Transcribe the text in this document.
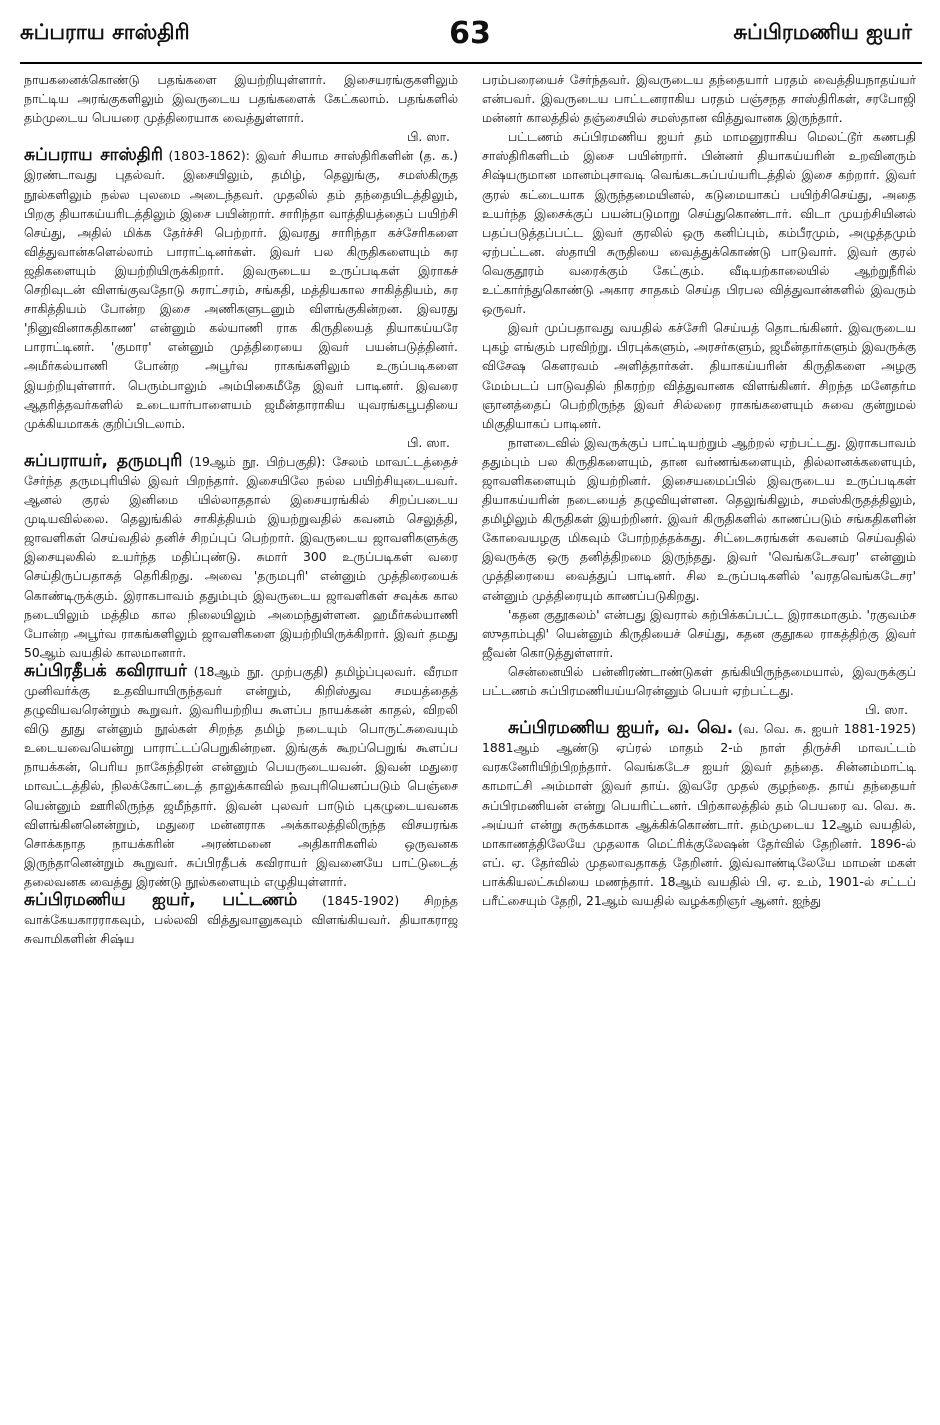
சுப்பராய சாஸ்திரி	63	சுப்பிரமணிய ஐயர்

நாயகனைக்கொண்டு பதங்களை இயற்றியுள்ளார். இசையரங்குகளிலும் நாட்டிய அரங்குகளிலும் இவருடைய பதங்களைக் கேட்கலாம். பதங்களில் தம்முடைய பெயரை முத்திரையாக வைத்துள்ளார்.
பி. ஸா.

சுப்பராய சாஸ்திரி (1803-1862): இவர் சியாம சாஸ்திரிகளின் (த. க.) இரண்டாவது புதல்வர். இசையிலும், தமிழ், தெலுங்கு, சமஸ்கிருத நூல்களிலும் நல்ல புலமை அடைந்தவர். முதலில் தம் தந்தையிடத்திலும், பிறகு தியாகய்யரிடத்திலும் இசை பயின்றார். சாரிந்தா வாத்தியத்தைப் பயிற்சி செய்து, அதில் மிக்க தேர்ச்சி பெற்றார். இவரது சாரிந்தா கச்சேரிகளை வித்துவான்களெல்லாம் பாராட்டினர்கள். இவர் பல கிருதிகளையும் சுர ஜதிகளையும் இயற்றியிருக்கிறார். இவருடைய உருப்படிகள் இராகச் செறிவுடன் விளங்குவதோடு சுராட்சரம், சங்கதி, மத்தியகால சாகித்தியம், சுர சாகித்தியம் போன்ற இசை அணிகளுடனும் விளங்குகின்றன. இவரது 'நினுவினாகதிகாண' என்னும் கல்யாணி ராக கிருதியைத் தியாகய்யரே பாராட்டினர். 'குமார' என்னும் முத்திரையை இவர் பயன்படுத்தினர். அமீர்கல்யாணி போன்ற அபூர்வ ராகங்களிலும் உருப்படிகளை இயற்றியுள்ளார். பெரும்பாலும் அம்பிகைமீதே இவர் பாடினர். இவரை ஆதரித்தவர்களில் உடையார்பாளையம் ஜமீன்தாராகிய யுவரங்கபூபதியை முக்கியமாகக் குறிப்பிடலாம்.
பி. ஸா.

சுப்பராயர், தருமபுரி (19ஆம் நூ. பிற்பகுதி): சேலம் மாவட்டத்தைச் சேர்ந்த தருமபுரியில் இவர் பிறந்தார். இசையிலே நல்ல பயிற்சியுடையவர். ஆனல் குரல் இனிமை யில்லாததால் இசையரங்கில் சிறப்படைய முடியவில்லை. தெலுங்கில் சாகித்தியம் இயற்றுவதில் கவனம் செலுத்தி, ஜாவளிகள் செய்வதில் தனிச் சிறப்புப் பெற்றார். இவருடைய ஜாவளிகளுக்கு இசையுலகில் உயர்ந்த மதிப்புண்டு. சுமார் 300 உருப்படிகள் வரை செய்திருப்பதாகத் தெரிகிறது. அவை 'தருமபுரி' என்னும் முத்திரையைக் கொண்டிருக்கும். இராகபாவம் ததும்பும் இவருடைய ஜாவளிகள் சவுக்க கால நடையிலும் மத்திம கால நிலையிலும் அமைந்துள்ளன. ஹமீர்கல்யாணி போன்ற அபூர்வ ராகங்களிலும் ஜாவளிகளை இயற்றியிருக்கிறார். இவர் தமது 50ஆம் வயதில் காலமானார்.

சுப்பிரதீபக் கவிராயர் (18ஆம் நூ. முற்பகுதி) தமிழ்ப்புலவர். வீரமா முனிவர்க்கு உதவியாயிருந்தவர் என்றும், கிறிஸ்துவ சமயத்தைத் தழுவியவரென்றும் கூறுவர். இவரியற்றிய கூளப்ப நாயக்கன் காதல், விறலி விடு தூது என்னும் நூல்கள் சிறந்த தமிழ் நடையும் பொருட்சுவையும் உடையவையென்று பாராட்டப்பெறுகின்றன. இங்குக் கூறப்பெறுங் கூளப்ப நாயக்கன், பெரிய நாகேந்திரன் என்னும் பெயருடையவன். இவன் மதுரை மாவட்டத்தில், நிலக்கோட்டைத் தாலுக்காவில் நவபுரியெனப்படும் பெஞ்சை யென்னும் ஊரிலிருந்த ஜமீந்தார். இவன் புலவர் பாடும் புகழுடையவனக விளங்கினனென்றும், மதுரை மன்னராக அக்காலத்திலிருந்த விசயரங்க சொக்கநாத நாயக்கரின் அரண்மனை அதிகாரிகளில் ஒருவனக இருந்தானென்றும் கூறுவர். சுப்பிரதீபக் கவிராயர் இவனையே பாட்டுடைத் தலைவனக வைத்து இரண்டு நூல்களையும் எழுதியுள்ளார்.

சுப்பிரமணிய ஐயர், பட்டணம் (1845-1902) சிறந்த வாக்கேயகாரராகவும், பல்லவி வித்துவானுகவும் விளங்கியவர். தியாகராஜ சுவாமிகளின் சிஷ்ய

பரம்பரையைச் சேர்ந்தவர். இவருடைய தந்தையார் பரதம் வைத்தியநாதய்யர் என்பவர். இவருடைய பாட்டனராகிய பரதம் பஞ்சநத சாஸ்திரிகள், சரபோஜி மன்னர் காலத்தில் தஞ்சையில் சமஸ்தான வித்துவானக இருந்தார்.

பட்டணம் சுப்பிரமணிய ஐயர் தம் மாமனுராகிய மெலட்டூர் கணபதி சாஸ்திரிகளிடம் இசை பயின்றார். பின்னர் தியாகய்யரின் உறவினரும் சிஷ்யருமான மானம்புசாவடி வெங்கடசுப்பய்யரிடத்தில் இசை கற்றார். இவர் குரல் கட்டையாக இருந்தமையினல், கடுமையாகப் பயிற்சிசெய்து, அதை உயர்ந்த இசைக்குப் பயன்படுமாறு செய்துகொண்டார். விடா முயற்சியினல் பதப்படுத்தப்பட்ட இவர் குரலில் ஒரு கனிப்பும், கம்பீரமும், அழுத்தமும் ஏற்பட்டன. ஸ்தாயி சுருதியை வைத்துக்கொண்டு பாடுவார். இவர் குரல் வெகுதூரம் வரைக்கும் கேட்கும். வீடியற்காலையில் ஆற்றுநீரில் உட்கார்ந்துகொண்டு அகார சாதகம் செய்த பிரபல வித்துவான்களில் இவரும் ஒருவர்.

இவர் முப்பதாவது வயதில் கச்சேரி செய்யத் தொடங்கினர். இவருடைய புகழ் எங்கும் பரவிற்று. பிரபுக்களும், அரசர்களும், ஜமீன்தார்களும் இவருக்கு விசேஷ கௌரவம் அளித்தார்கள். தியாகய்யரின் கிருதிகளை அழகு மேம்படப் பாடுவதில் நிகரற்ற வித்துவானக விளங்கினர். சிறந்த மனேதர்ம ஞானத்தைப் பெற்றிருந்த இவர் சில்லரை ராகங்களையும் சுவை குன்றுமல் மிகுதியாகப் பாடினர்.

நாளடைவில் இவருக்குப் பாட்டியற்றும் ஆற்றல் ஏற்பட்டது. இராகபாவம் ததும்பும் பல கிருதிகளையும், தான வர்ணங்களையும், தில்லானக்களையும், ஜாவளிகளையும் இயற்றினர். இசையமைப்பில் இவருடைய உருப்படிகள் தியாகய்யரின் நடையைத் தழுவியுள்ளன. தெலுங்கிலும், சமஸ்கிருதத்திலும், தமிழிலும் கிருதிகள் இயற்றினர். இவர் கிருதிகளில் காணப்படும் சங்கதிகளின் கோவையழகு மிகவும் போற்றத்தக்கது. சிட்டைசுரங்கள் கவனம் செய்வதில் இவருக்கு ஒரு தனித்திறமை இருந்தது. இவர் 'வெங்கடேசவர' என்னும் முத்திரையை வைத்துப் பாடினர். சில உருப்படிகளில் 'வரதவெங்கடேசர' என்னும் முத்திரையும் காணப்படுகிறது.

'கதன குதூகலம்' என்பது இவரால் கற்பிக்கப்பட்ட இராகமாகும். 'ரகுவம்ச ஸுதாம்புதி' யென்னும் கிருதியைச் செய்து, கதன குதூகல ராகத்திற்கு இவர் ஜீவன் கொடுத்துள்ளார்.

சென்னையில் பன்னிரண்டாண்டுகள் தங்கியிருந்தமையால், இவருக்குப் பட்டணம் சுப்பிரமணியய்யரென்னும் பெயர் ஏற்பட்டது.
பி. ஸா.

சுப்பிரமணிய ஐயர், வ. வெ. (வ. வெ. சு. ஐயர் 1881-1925) 1881ஆம் ஆண்டு ஏப்ரல் மாதம் 2-ம் நாள் திருச்சி மாவட்டம் வரகனேரியிற்பிறந்தார். வெங்கடேச ஐயர் இவர் தந்தை. சின்னம்மாட்டி காமாட்சி அம்மாள் இவர் தாய். இவரே முதல் குழந்தை. தாய் தந்தையர் சுப்பிரமணியன் என்று பெயரிட்டனர். பிற்காலத்தில் தம் பெயரை வ. வெ. சு. அய்யர் என்று சுருக்கமாக ஆக்கிக்கொண்டார். தம்முடைய 12ஆம் வயதில், மாகாணத்திலேயே முதலாக மெட்ரிக்குலேஷன் தேர்வில் தேறினர். 1896-ல் எப். ஏ. தேர்வில் முதலாவதாகத் தேறினர். இவ்வாண்டிலேயே மாமன் மகள் பாக்கியலட்சுமியை மணந்தார். 18ஆம் வயதில் பி. ஏ. உம், 1901-ல் சட்டப் பரீட்சையும் தேறி, 21ஆம் வயதில் வழக்கறிஞர் ஆனர். ஐந்து
